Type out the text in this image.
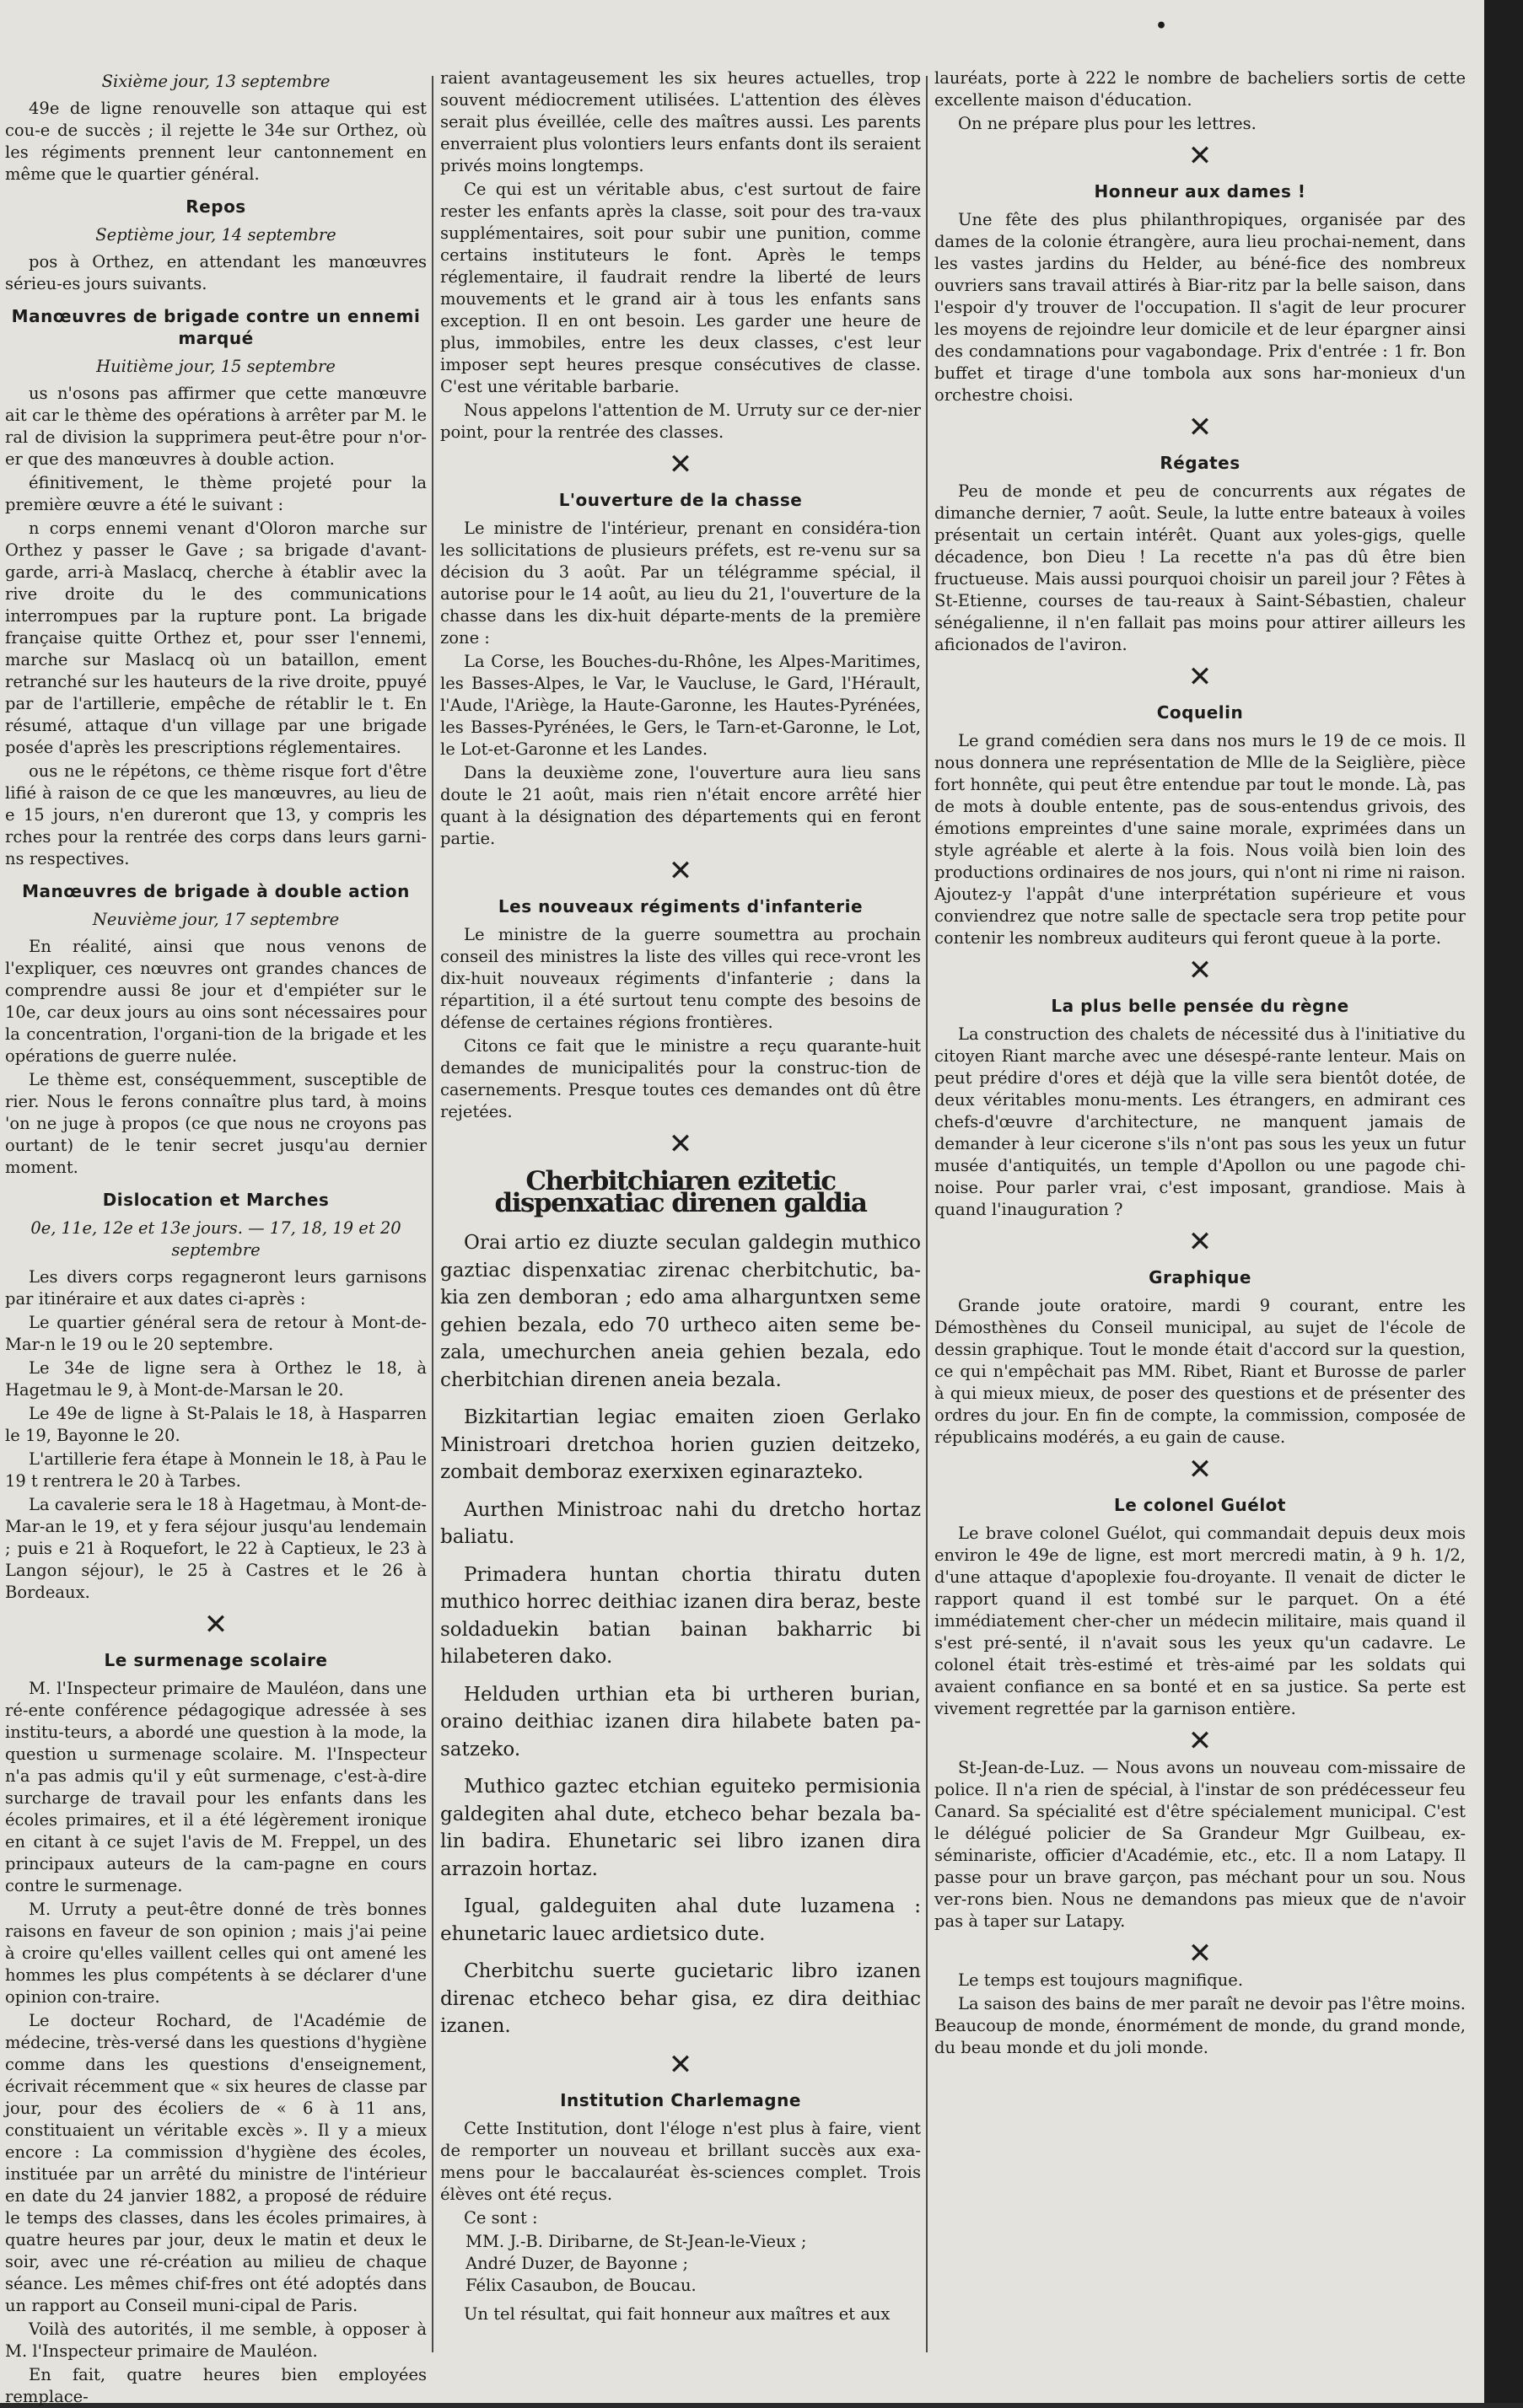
•
Sixième jour, 13 septembre

49e de ligne renouvelle son attaque qui est cou-e de succès ; il rejette le 34e sur Orthez, où les régiments prennent leur cantonnement en même que le quartier général.

Repos
Septième jour, 14 septembre

pos à Orthez, en attendant les manœuvres sérieu-es jours suivants.

Manœuvres de brigade contre un ennemi marqué
Huitième jour, 15 septembre

us n'osons pas affirmer que cette manœuvre ait car le thème des opérations à arrêter par M. le ral de division la supprimera peut-être pour n'or-er que des manœuvres à double action.

éfinitivement, le thème projeté pour la première œuvre a été le suivant :

n corps ennemi venant d'Oloron marche sur Orthez y passer le Gave ; sa brigade d'avant-garde, arri-à Maslacq, cherche à établir avec la rive droite du le des communications interrompues par la rupture pont. La brigade française quitte Orthez et, pour sser l'ennemi, marche sur Maslacq où un bataillon, ement retranché sur les hauteurs de la rive droite, ppuyé par de l'artillerie, empêche de rétablir le t. En résumé, attaque d'un village par une brigade posée d'après les prescriptions réglementaires.

ous ne le répétons, ce thème risque fort d'être lifié à raison de ce que les manœuvres, au lieu de e 15 jours, n'en dureront que 13, y compris les rches pour la rentrée des corps dans leurs garni-ns respectives.

Manœuvres de brigade à double action
Neuvième jour, 17 septembre

En réalité, ainsi que nous venons de l'expliquer, ces nœuvres ont grandes chances de comprendre aussi 8e jour et d'empiéter sur le 10e, car deux jours au oins sont nécessaires pour la concentration, l'organi-tion de la brigade et les opérations de guerre nulée.

Le thème est, conséquemment, susceptible de rier. Nous le ferons connaître plus tard, à moins 'on ne juge à propos (ce que nous ne croyons pas ourtant) de le tenir secret jusqu'au dernier moment.

Dislocation et Marches
0e, 11e, 12e et 13e jours. — 17, 18, 19 et 20 septembre

Les divers corps regagneront leurs garnisons par itinéraire et aux dates ci-après :

Le quartier général sera de retour à Mont-de-Mar-n le 19 ou le 20 septembre.

Le 34e de ligne sera à Orthez le 18, à Hagetmau le 9, à Mont-de-Marsan le 20.

Le 49e de ligne à St-Palais le 18, à Hasparren le 19, Bayonne le 20.

L'artillerie fera étape à Monnein le 18, à Pau le 19 t rentrera le 20 à Tarbes.

La cavalerie sera le 18 à Hagetmau, à Mont-de-Mar-an le 19, et y fera séjour jusqu'au lendemain ; puis e 21 à Roquefort, le 22 à Captieux, le 23 à Langon séjour), le 25 à Castres et le 26 à Bordeaux.

✕
Le surmenage scolaire

M. l'Inspecteur primaire de Mauléon, dans une ré-ente conférence pédagogique adressée à ses institu-teurs, a abordé une question à la mode, la question u surmenage scolaire. M. l'Inspecteur n'a pas admis qu'il y eût surmenage, c'est-à-dire surcharge de travail pour les enfants dans les écoles primaires, et il a été légèrement ironique en citant à ce sujet l'avis de M. Freppel, un des principaux auteurs de la cam-pagne en cours contre le surmenage.

M. Urruty a peut-être donné de très bonnes raisons en faveur de son opinion ; mais j'ai peine à croire qu'elles vaillent celles qui ont amené les hommes les plus compétents à se déclarer d'une opinion con-traire.

Le docteur Rochard, de l'Académie de médecine, très-versé dans les questions d'hygiène comme dans les questions d'enseignement, écrivait récemment que « six heures de classe par jour, pour des écoliers de « 6 à 11 ans, constituaient un véritable excès ». Il y a mieux encore : La commission d'hygiène des écoles, instituée par un arrêté du ministre de l'intérieur en date du 24 janvier 1882, a proposé de réduire le temps des classes, dans les écoles primaires, à quatre heures par jour, deux le matin et deux le soir, avec une ré-création au milieu de chaque séance. Les mêmes chif-fres ont été adoptés dans un rapport au Conseil muni-cipal de Paris.

Voilà des autorités, il me semble, à opposer à M. l'Inspecteur primaire de Mauléon.

En fait, quatre heures bien employées remplace-

raient avantageusement les six heures actuelles, trop souvent médiocrement utilisées. L'attention des élèves serait plus éveillée, celle des maîtres aussi. Les parents enverraient plus volontiers leurs enfants dont ils seraient privés moins longtemps.

Ce qui est un véritable abus, c'est surtout de faire rester les enfants après la classe, soit pour des tra-vaux supplémentaires, soit pour subir une punition, comme certains instituteurs le font. Après le temps réglementaire, il faudrait rendre la liberté de leurs mouvements et le grand air à tous les enfants sans exception. Il en ont besoin. Les garder une heure de plus, immobiles, entre les deux classes, c'est leur imposer sept heures presque consécutives de classe. C'est une véritable barbarie.

Nous appelons l'attention de M. Urruty sur ce der-nier point, pour la rentrée des classes.

✕
L'ouverture de la chasse

Le ministre de l'intérieur, prenant en considéra-tion les sollicitations de plusieurs préfets, est re-venu sur sa décision du 3 août. Par un télégramme spécial, il autorise pour le 14 août, au lieu du 21, l'ouverture de la chasse dans les dix-huit départe-ments de la première zone :

La Corse, les Bouches-du-Rhône, les Alpes-Maritimes, les Basses-Alpes, le Var, le Vaucluse, le Gard, l'Hérault, l'Aude, l'Ariège, la Haute-Garonne, les Hautes-Pyrénées, les Basses-Pyrénées, le Gers, le Tarn-et-Garonne, le Lot, le Lot-et-Garonne et les Landes.

Dans la deuxième zone, l'ouverture aura lieu sans doute le 21 août, mais rien n'était encore arrêté hier quant à la désignation des départements qui en feront partie.

✕
Les nouveaux régiments d'infanterie

Le ministre de la guerre soumettra au prochain conseil des ministres la liste des villes qui rece-vront les dix-huit nouveaux régiments d'infanterie ; dans la répartition, il a été surtout tenu compte des besoins de défense de certaines régions frontières.

Citons ce fait que le ministre a reçu quarante-huit demandes de municipalités pour la construc-tion de casernements. Presque toutes ces demandes ont dû être rejetées.

✕
Cherbitchiaren ezitetic dispenxatiac direnen galdia

Orai artio ez diuzte seculan galdegin muthico gaztiac dispenxatiac zirenac cherbitchutic, ba-kia zen demboran ; edo ama alharguntxen seme gehien bezala, edo 70 urtheco aiten seme be-zala, umechurchen aneia gehien bezala, edo cherbitchian direnen aneia bezala.

Bizkitartian legiac emaiten zioen Gerlako Ministroari dretchoa horien guzien deitzeko, zombait demboraz exerxixen eginarazteko.

Aurthen Ministroac nahi du dretcho hortaz baliatu.

Primadera huntan chortia thiratu duten muthico horrec deithiac izanen dira beraz, beste soldaduekin batian bainan bakharric bi hilabeteren dako.

Helduden urthian eta bi urtheren burian, oraino deithiac izanen dira hilabete baten pa-satzeko.

Muthico gaztec etchian eguiteko permisionia galdegiten ahal dute, etcheco behar bezala ba-lin badira. Ehunetaric sei libro izanen dira arrazoin hortaz.

Igual, galdeguiten ahal dute luzamena : ehunetaric lauec ardietsico dute.

Cherbitchu suerte gucietaric libro izanen direnac etcheco behar gisa, ez dira deithiac izanen.

✕
Institution Charlemagne

Cette Institution, dont l'éloge n'est plus à faire, vient de remporter un nouveau et brillant succès aux exa-mens pour le baccalauréat ès-sciences complet. Trois élèves ont été reçus.

Ce sont :

MM. J.-B. Diribarne, de St-Jean-le-Vieux ;
André Duzer, de Bayonne ;
Félix Casaubon, de Boucau.

Un tel résultat, qui fait honneur aux maîtres et aux

lauréats, porte à 222 le nombre de bacheliers sortis de cette excellente maison d'éducation.

On ne prépare plus pour les lettres.

✕
Honneur aux dames !

Une fête des plus philanthropiques, organisée par des dames de la colonie étrangère, aura lieu prochai-nement, dans les vastes jardins du Helder, au béné-fice des nombreux ouvriers sans travail attirés à Biar-ritz par la belle saison, dans l'espoir d'y trouver de l'occupation. Il s'agit de leur procurer les moyens de rejoindre leur domicile et de leur épargner ainsi des condamnations pour vagabondage. Prix d'entrée : 1 fr. Bon buffet et tirage d'une tombola aux sons har-monieux d'un orchestre choisi.

✕
Régates

Peu de monde et peu de concurrents aux régates de dimanche dernier, 7 août. Seule, la lutte entre bateaux à voiles présentait un certain intérêt. Quant aux yoles-gigs, quelle décadence, bon Dieu ! La recette n'a pas dû être bien fructueuse. Mais aussi pourquoi choisir un pareil jour ? Fêtes à St-Etienne, courses de tau-reaux à Saint-Sébastien, chaleur sénégalienne, il n'en fallait pas moins pour attirer ailleurs les aficionados de l'aviron.

✕
Coquelin

Le grand comédien sera dans nos murs le 19 de ce mois. Il nous donnera une représentation de Mlle de la Seiglière, pièce fort honnête, qui peut être entendue par tout le monde. Là, pas de mots à double entente, pas de sous-entendus grivois, des émotions empreintes d'une saine morale, exprimées dans un style agréable et alerte à la fois. Nous voilà bien loin des productions ordinaires de nos jours, qui n'ont ni rime ni raison. Ajoutez-y l'appât d'une interprétation supérieure et vous conviendrez que notre salle de spectacle sera trop petite pour contenir les nombreux auditeurs qui feront queue à la porte.

✕
La plus belle pensée du règne

La construction des chalets de nécessité dus à l'initiative du citoyen Riant marche avec une désespé-rante lenteur. Mais on peut prédire d'ores et déjà que la ville sera bientôt dotée, de deux véritables monu-ments. Les étrangers, en admirant ces chefs-d'œuvre d'architecture, ne manquent jamais de demander à leur cicerone s'ils n'ont pas sous les yeux un futur musée d'antiquités, un temple d'Apollon ou une pagode chi-noise. Pour parler vrai, c'est imposant, grandiose. Mais à quand l'inauguration ?

✕
Graphique

Grande joute oratoire, mardi 9 courant, entre les Démosthènes du Conseil municipal, au sujet de l'école de dessin graphique. Tout le monde était d'accord sur la question, ce qui n'empêchait pas MM. Ribet, Riant et Burosse de parler à qui mieux mieux, de poser des questions et de présenter des ordres du jour. En fin de compte, la commission, composée de républicains modérés, a eu gain de cause.

✕
Le colonel Guélot

Le brave colonel Guélot, qui commandait depuis deux mois environ le 49e de ligne, est mort mercredi matin, à 9 h. 1/2, d'une attaque d'apoplexie fou-droyante. Il venait de dicter le rapport quand il est tombé sur le parquet. On a été immédiatement cher-cher un médecin militaire, mais quand il s'est pré-senté, il n'avait sous les yeux qu'un cadavre. Le colonel était très-estimé et très-aimé par les soldats qui avaient confiance en sa bonté et en sa justice. Sa perte est vivement regrettée par la garnison entière.

✕

St-Jean-de-Luz. — Nous avons un nouveau com-missaire de police. Il n'a rien de spécial, à l'instar de son prédécesseur feu Canard. Sa spécialité est d'être spécialement municipal. C'est le délégué policier de Sa Grandeur Mgr Guilbeau, ex-séminariste, officier d'Académie, etc., etc. Il a nom Latapy. Il passe pour un brave garçon, pas méchant pour un sou. Nous ver-rons bien. Nous ne demandons pas mieux que de n'avoir pas à taper sur Latapy.

✕

Le temps est toujours magnifique.

La saison des bains de mer paraît ne devoir pas l'être moins. Beaucoup de monde, énormément de monde, du grand monde, du beau monde et du joli monde.
